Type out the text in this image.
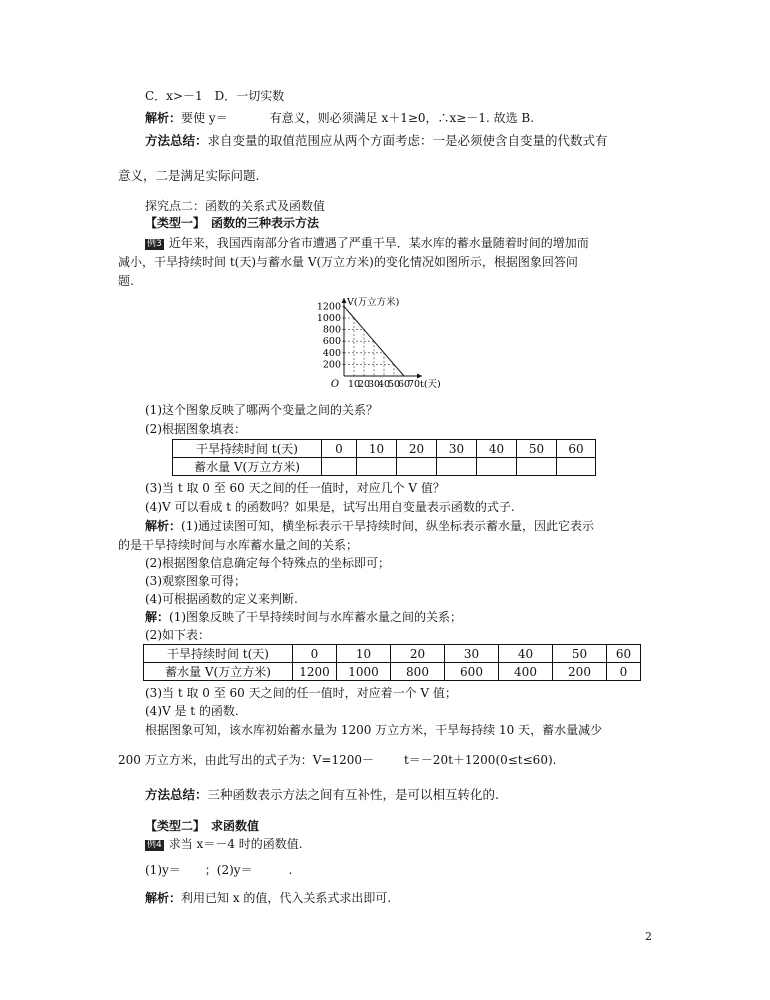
C．x>－1　D．一切实数
解析：要使 y＝	有意义，则必须满足 x＋1≥0，∴x≥－1. 故选 B.
方法总结：求自变量的取值范围应从两个方面考虑：一是必须使含自变量的代数式有
意义，二是满足实际问题.
探究点二：函数的关系式及函数值
【类型一】　函数的三种表示方法
例3 近年来，我国西南部分省市遭遇了严重干旱．某水库的蓄水量随着时间的增加而
减小，干旱持续时间 t(天)与蓄水量 V(万立方米)的变化情况如图所示，根据图象回答问
题.
1200
1000
800
600
400
200
10
20
30
40
50
60
70
O	t(天)
V(万立方米)
(1)这个图象反映了哪两个变量之间的关系？
(2)根据图象填表：
干旱持续时间 t(天)	0	10	20	30	40	50	60
蓄水量 V(万立方米)							
(3)当 t 取 0 至 60 天之间的任一值时，对应几个 V 值？
(4)V 可以看成 t 的函数吗？如果是，试写出用自变量表示函数的式子.
解析：(1)通过读图可知，横坐标表示干旱持续时间，纵坐标表示蓄水量，因此它表示
的是干旱持续时间与水库蓄水量之间的关系；
(2)根据图象信息确定每个特殊点的坐标即可；
(3)观察图象可得；
(4)可根据函数的定义来判断.
解：(1)图象反映了干旱持续时间与水库蓄水量之间的关系；
(2)如下表：
干旱持续时间 t(天)	0	10	20	30	40	50	60
蓄水量 V(万立方米)	1200	1000	800	600	400	200	0
(3)当 t 取 0 至 60 天之间的任一值时，对应着一个 V 值；
(4)V 是 t 的函数.
根据图象可知，该水库初始蓄水量为 1200 万立方米，干旱每持续 10 天，蓄水量减少
200 万立方米，由此写出的式子为：V=1200－	t＝－20t＋1200(0≤t≤60).
方法总结：三种函数表示方法之间有互补性，是可以相互转化的.
【类型二】　求函数值
例4 求当 x＝－4 时的函数值.
(1)y＝　　；(2)y＝　　　.
解析：利用已知 x 的值，代入关系式求出即可.
2
